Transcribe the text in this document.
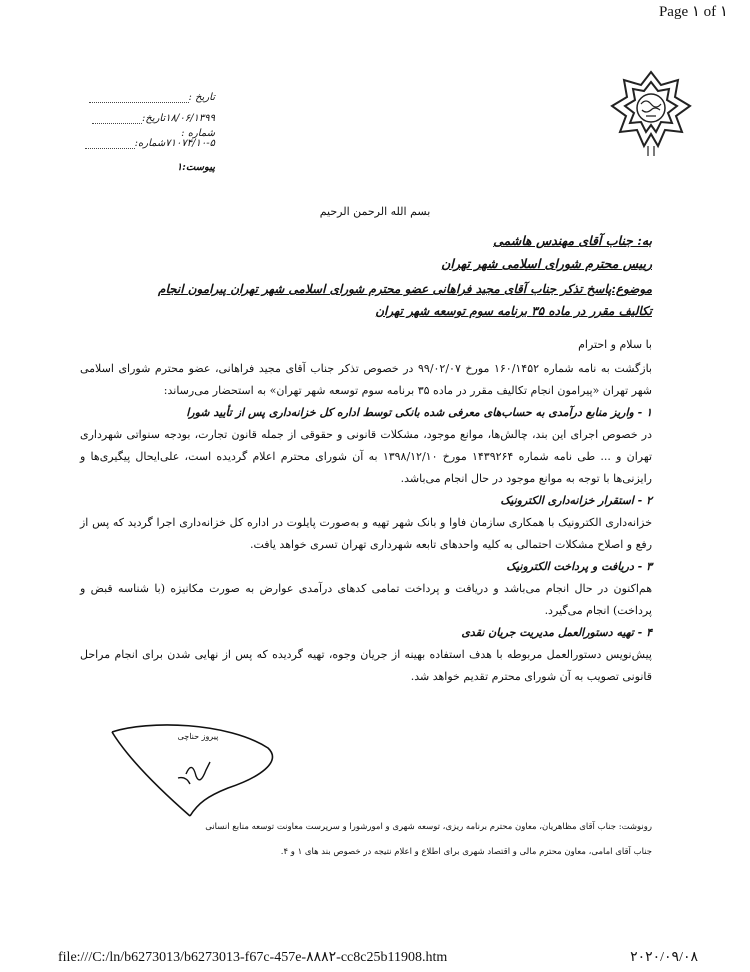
Page ۱ of ۱
تاریخ :
۱۸/۰۶/۱۳۹۹تاریخ:
شماره :
۷۱۰۷۴/۱۰-۵شماره:
پیوست:۱
بسم الله الرحمن الرحیم
به: جناب آقای مهندس هاشمی
رییس محترم شورای اسلامی شهر تهران
موضوع:پاسخ تذکر جناب آقای مجید فراهانی عضو محترم شورای اسلامی شهر تهران پیرامون انجام
تکالیف مقرر در ماده ۳۵ برنامه سوم توسعه شهر تهران

با سلام و احترام

بازگشت به نامه شماره ۱۶۰/۱۴۵۲ مورخ ۹۹/۰۲/۰۷ در خصوص تذکر جناب آقای مجید فراهانی، عضو محترم شورای اسلامی شهر تهران «پیرامون انجام تکالیف مقرر در ماده ۳۵ برنامه سوم توسعه شهر تهران» به استحضار می‌رساند:

۱ - واریز منابع درآمدی به حساب‌های معرفی شده بانکی توسط اداره کل خزانه‌داری پس از تأیید شورا

در خصوص اجرای این بند، چالش‌ها، موانع موجود، مشکلات قانونی و حقوقی از جمله قانون تجارت، بودجه سنواتی شهرداری تهران و ... طی نامه شماره ۱۴۳۹۲۶۴ مورخ ۱۳۹۸/۱۲/۱۰ به آن شورای محترم اعلام گردیده است، علی‌ایحال پیگیری‌ها و رایزنی‌ها با توجه به موانع موجود در حال انجام می‌باشد.

۲ - استقرار خزانه‌داری الکترونیک

خزانه‌داری الکترونیک با همکاری سازمان فاوا و بانک شهر تهیه و به‌صورت پایلوت در اداره کل خزانه‌داری اجرا گردید که پس از رفع و اصلاح مشکلات احتمالی به کلیه واحدهای تابعه شهرداری تهران تسری خواهد یافت.

۳ - دریافت و پرداخت الکترونیک

هم‌اکنون در حال انجام می‌باشد و دریافت و پرداخت تمامی کدهای درآمدی عوارض به صورت مکانیزه (با شناسه قبض و پرداخت) انجام می‌گیرد.

۴ - تهیه دستورالعمل مدیریت جریان نقدی

پیش‌نویس دستورالعمل مربوطه با هدف استفاده بهینه از جریان وجوه، تهیه گردیده که پس از نهایی شدن برای انجام مراحل قانونی تصویب به آن شورای محترم تقدیم خواهد شد.

پیروز حناچی
رونوشت: جناب آقای مظاهریان، معاون محترم برنامه ریزی، توسعه شهری و امورشورا و سرپرست معاونت توسعه منابع انسانی
جناب آقای امامی، معاون محترم مالی و اقتصاد شهری برای اطلاع و اعلام نتیجه در خصوص بند های ۱ و ۴.
file:///C:/ln/b6273013/b6273013-f67c-457e-۸۸۸۲-cc8c25b11908.htm	۲۰۲۰/۰۹/۰۸
